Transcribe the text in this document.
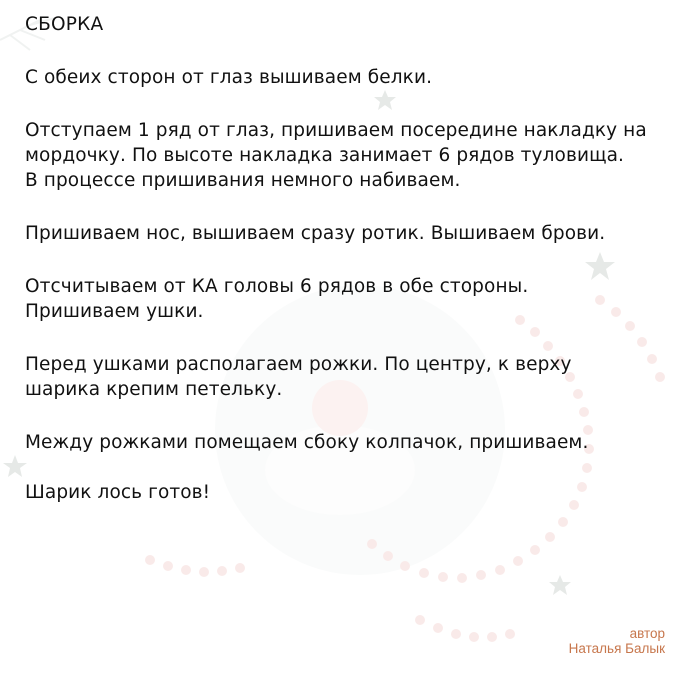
СБОРКА
С обеих сторон от глаз вышиваем белки.
Отступаем 1 ряд от глаз, пришиваем посередине накладку на
мордочку. По высоте накладка занимает 6 рядов туловища.
В процессе пришивания немного набиваем.
Пришиваем нос, вышиваем сразу ротик. Вышиваем брови.
Отсчитываем от КА головы 6 рядов в обе стороны.
Пришиваем ушки.
Перед ушками располагаем рожки. По центру, к верху
шарика крепим петельку.
Между рожками помещаем сбоку колпачок, пришиваем.
Шарик лось готов!
автор
Наталья Балык
